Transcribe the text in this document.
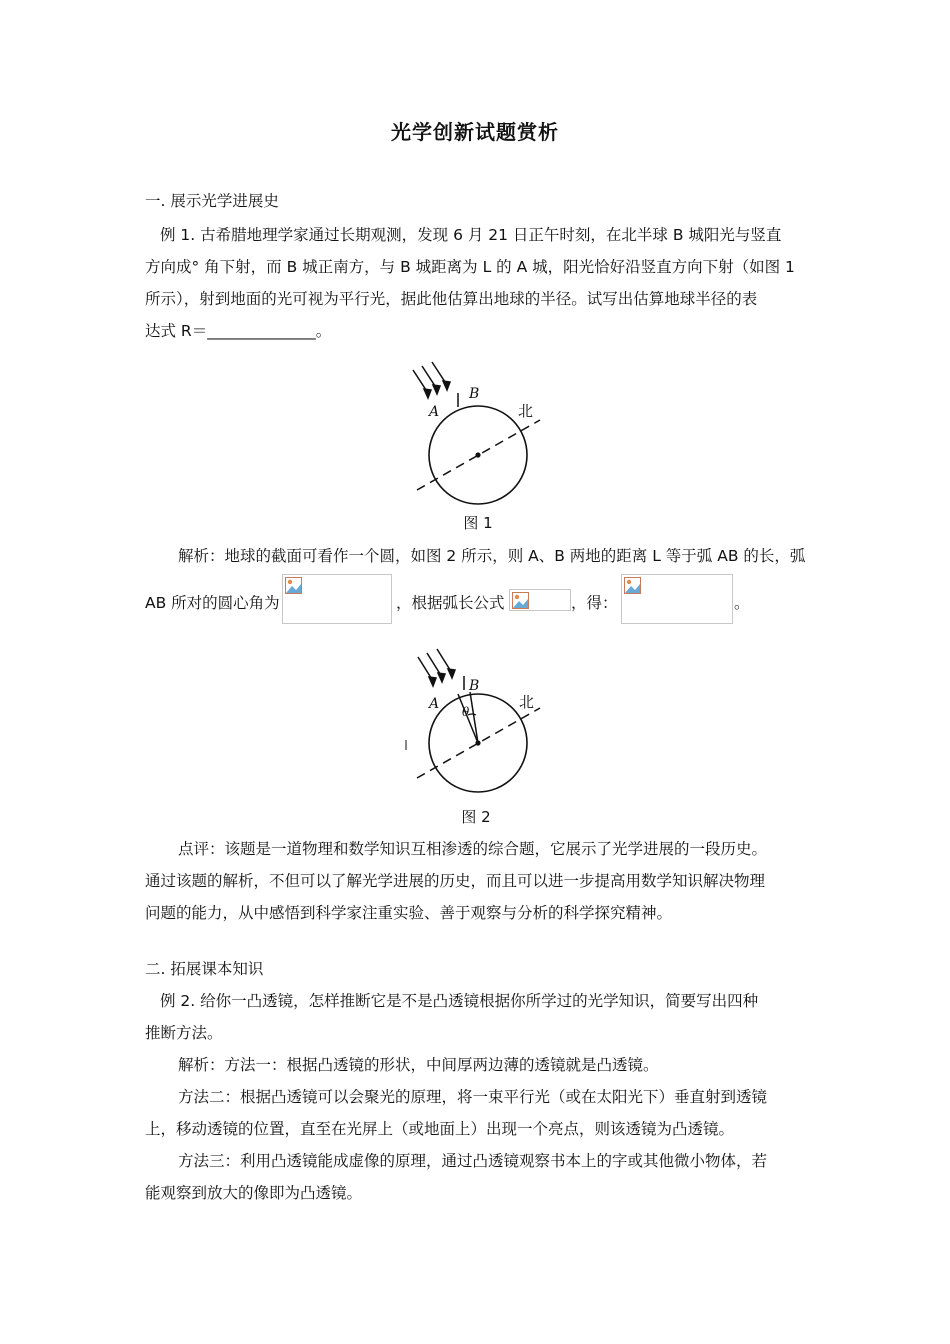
光学创新试题赏析
一. 展示光学进展史
例 1. 古希腊地理学家通过长期观测，发现 6 月 21 日正午时刻，在北半球 B 城阳光与竖直
方向成° 角下射，而 B 城正南方，与 B 城距离为 L 的 A 城，阳光恰好沿竖直方向下射（如图 1
所示），射到地面的光可视为平行光，据此他估算出地球的半径。试写出估算地球半径的表
达式 R＝______________。
A
B
北
图 1
解析：地球的截面可看作一个圆，如图 2 所示，则 A、B 两地的距离 L 等于弧 AB 的长，弧
AB 所对的圆心角为	，根据弧长公式	，得：	。
A
B
θ
北
图 2
点评：该题是一道物理和数学知识互相渗透的综合题，它展示了光学进展的一段历史。
通过该题的解析，不但可以了解光学进展的历史，而且可以进一步提高用数学知识解决物理
问题的能力，从中感悟到科学家注重实验、善于观察与分析的科学探究精神。
二. 拓展课本知识
例 2. 给你一凸透镜，怎样推断它是不是凸透镜根据你所学过的光学知识，简要写出四种
推断方法。
解析：方法一：根据凸透镜的形状，中间厚两边薄的透镜就是凸透镜。
方法二：根据凸透镜可以会聚光的原理，将一束平行光（或在太阳光下）垂直射到透镜
上，移动透镜的位置，直至在光屏上（或地面上）出现一个亮点，则该透镜为凸透镜。
方法三：利用凸透镜能成虚像的原理，通过凸透镜观察书本上的字或其他微小物体，若
能观察到放大的像即为凸透镜。
